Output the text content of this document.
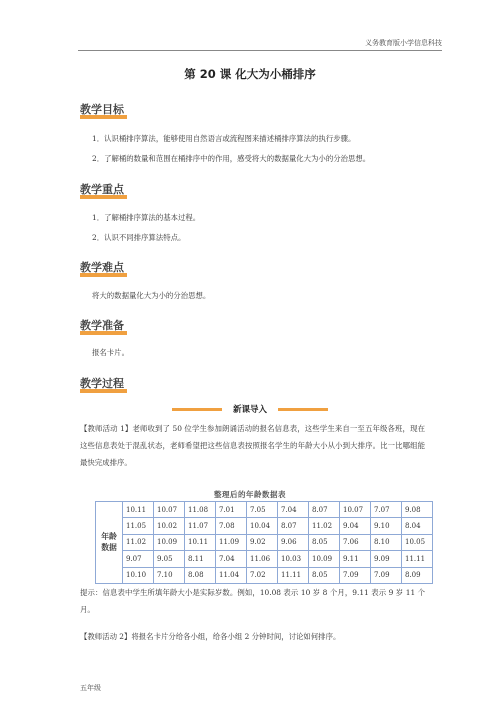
义务教育版小学信息科技
第 20 课 化大为小桶排序
教学目标
1．认识桶排序算法，能够使用自然语言或流程图来描述桶排序算法的执行步骤。
2．了解桶的数量和范围在桶排序中的作用，感受将大的数据量化大为小的分治思想。
教学重点
1．了解桶排序算法的基本过程。
2．认识不同排序算法特点。
教学难点
将大的数据量化大为小的分治思想。
教学准备
报名卡片。
教学过程
新课导入
【教师活动 1】老师收到了 50 位学生参加朗诵活动的报名信息表，这些学生来自一至五年级各班，现在这些信息表处于混乱状态，老师希望把这些信息表按照报名学生的年龄大小从小到大排序。比一比哪组能最快完成排序。
整理后的年龄数据表
年龄数据	10.11	10.07	11.08	7.01	7.05	7.04	8.07	10.07	7.07	9.08
	11.05	10.02	11.07	7.08	10.04	8.07	11.02	9.04	9.10	8.04
	11.02	10.09	10.11	11.09	9.02	9.06	8.05	7.06	8.10	10.05
	9.07	9.05	8.11	7.04	11.06	10.03	10.09	9.11	9.09	11.11
	10.10	7.10	8.08	11.04	7.02	11.11	8.05	7.09	7.09	8.09
提示：信息表中学生所填年龄大小是实际岁数。例如，10.08 表示 10 岁 8 个月，9.11 表示 9 岁 11 个月。
【教师活动 2】将报名卡片分给各小组，给各小组 2 分钟时间，讨论如何排序。
五年级
